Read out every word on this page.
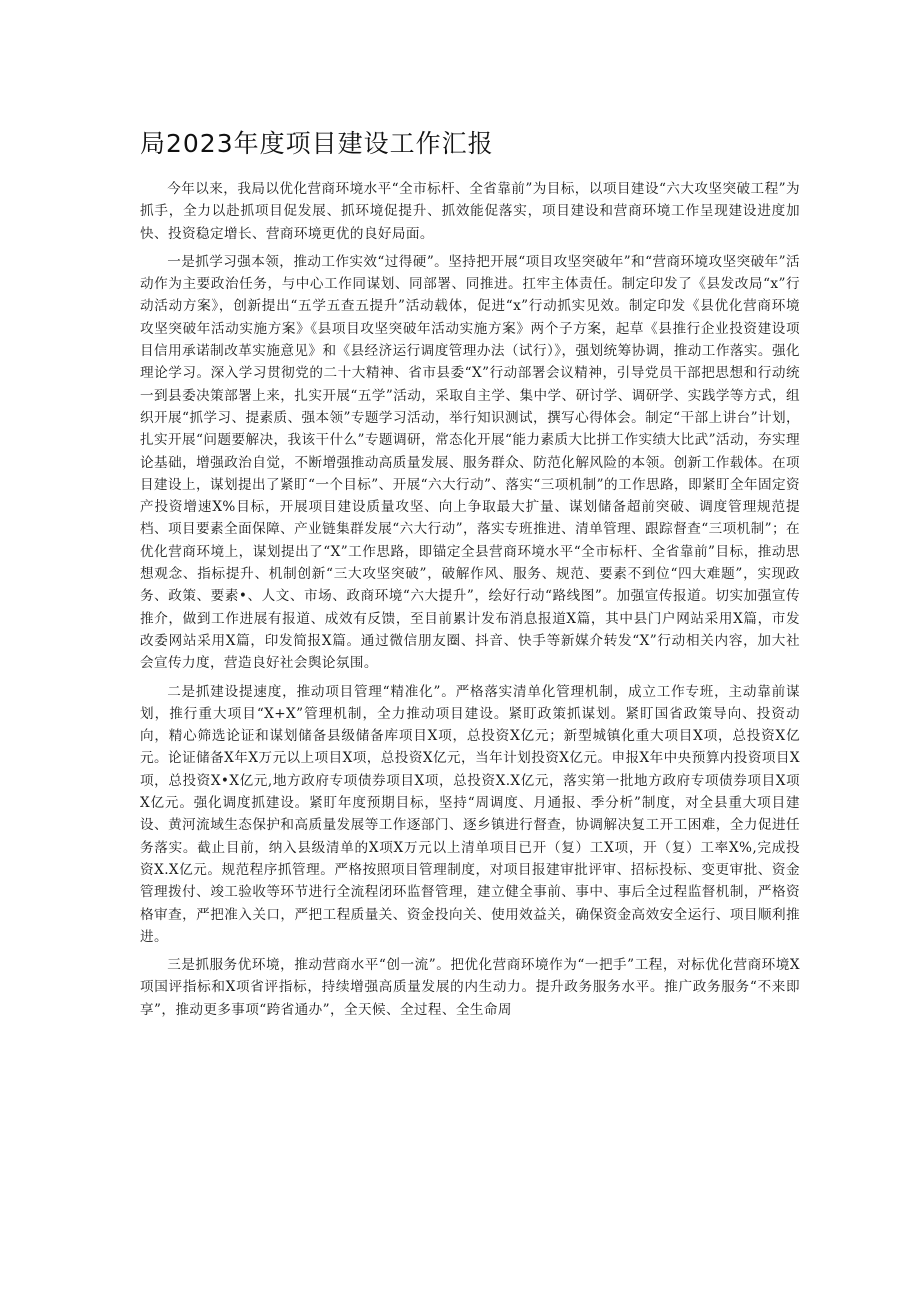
局2023年度项目建设工作汇报

今年以来，我局以优化营商环境水平“全市标杆、全省靠前”为目标，以项目建设“六大攻坚突破工程”为抓手，全力以赴抓项目促发展、抓环境促提升、抓效能促落实，项目建设和营商环境工作呈现建设进度加快、投资稳定增长、营商环境更优的良好局面。

一是抓学习强本领，推动工作实效“过得硬”。坚持把开展“项目攻坚突破年”和“营商环境攻坚突破年”活动作为主要政治任务，与中心工作同谋划、同部署、同推进。扛牢主体责任。制定印发了《县发改局“x”行动活动方案》，创新提出“五学五查五提升”活动载体，促进“x”行动抓实见效。制定印发《县优化营商环境攻坚突破年活动实施方案》《县项目攻坚突破年活动实施方案》两个子方案，起草《县推行企业投资建设项目信用承诺制改革实施意见》和《县经济运行调度管理办法（试行）》，强划统筹协调，推动工作落实。强化理论学习。深入学习贯彻党的二十大精神、省市县委“X”行动部署会议精神，引导党员干部把思想和行动统一到县委决策部署上来，扎实开展“五学”活动，采取自主学、集中学、研讨学、调研学、实践学等方式，组织开展“抓学习、提素质、强本领”专题学习活动，举行知识测试，撰写心得体会。制定“干部上讲台”计划，扎实开展“问题要解决，我该干什么”专题调研，常态化开展“能力素质大比拼工作实绩大比武”活动，夯实理论基础，增强政治自觉，不断增强推动高质量发展、服务群众、防范化解风险的本领。创新工作载体。在项目建设上，谋划提出了紧盯“一个目标”、开展“六大行动”、落实“三项机制”的工作思路，即紧盯全年固定资产投资增速X%目标，开展项目建设质量攻坚、向上争取最大扩量、谋划储备超前突破、调度管理规范提档、项目要素全面保障、产业链集群发展“六大行动”，落实专班推进、清单管理、跟踪督查“三项机制”；在优化营商环境上，谋划提出了“X”工作思路，即锚定全县营商环境水平“全市标杆、全省靠前”目标，推动思想观念、指标提升、机制创新“三大攻坚突破”，破解作风、服务、规范、要素不到位“四大难题”，实现政务、政策、要素•、人文、市场、政商环境“六大提升”，绘好行动“路线图”。加强宣传报道。切实加强宣传推介，做到工作进展有报道、成效有反馈，至目前累计发布消息报道X篇，其中县门户网站采用X篇，市发改委网站采用X篇，印发简报X篇。通过微信朋友圈、抖音、快手等新媒介转发“X”行动相关内容，加大社会宣传力度，营造良好社会舆论氛围。

二是抓建设提速度，推动项目管理“精准化”。严格落实清单化管理机制，成立工作专班，主动靠前谋划，推行重大项目“X+X”管理机制，全力推动项目建设。紧盯政策抓谋划。紧盯国省政策导向、投资动向，精心筛选论证和谋划储备县级储备库项目X项，总投资X亿元；新型城镇化重大项目X项，总投资X亿元。论证储备X年X万元以上项目X项，总投资X亿元，当年计划投资X亿元。申报X年中央预算内投资项目X项，总投资X•X亿元,地方政府专项债券项目X项，总投资X.X亿元，落实第一批地方政府专项债券项目X项X亿元。强化调度抓建设。紧盯年度预期目标，坚持“周调度、月通报、季分析”制度，对全县重大项目建设、黄河流域生态保护和高质量发展等工作逐部门、逐乡镇进行督查，协调解决复工开工困难，全力促进任务落实。截止目前，纳入县级清单的X项X万元以上清单项目已开（复）工X项，开（复）工率X%,完成投资X.X亿元。规范程序抓管理。严格按照项目管理制度，对项目报建审批评审、招标投标、变更审批、资金管理拨付、竣工验收等环节进行全流程闭环监督管理，建立健全事前、事中、事后全过程监督机制，严格资格审查，严把准入关口，严把工程质量关、资金投向关、使用效益关，确保资金高效安全运行、项目顺利推进。

三是抓服务优环境，推动营商水平“创一流”。把优化营商环境作为“一把手”工程，对标优化营商环境X项国评指标和X项省评指标，持续增强高质量发展的内生动力。提升政务服务水平。推广政务服务“不来即享”，推动更多事项“跨省通办”，全天候、全过程、全生命周
